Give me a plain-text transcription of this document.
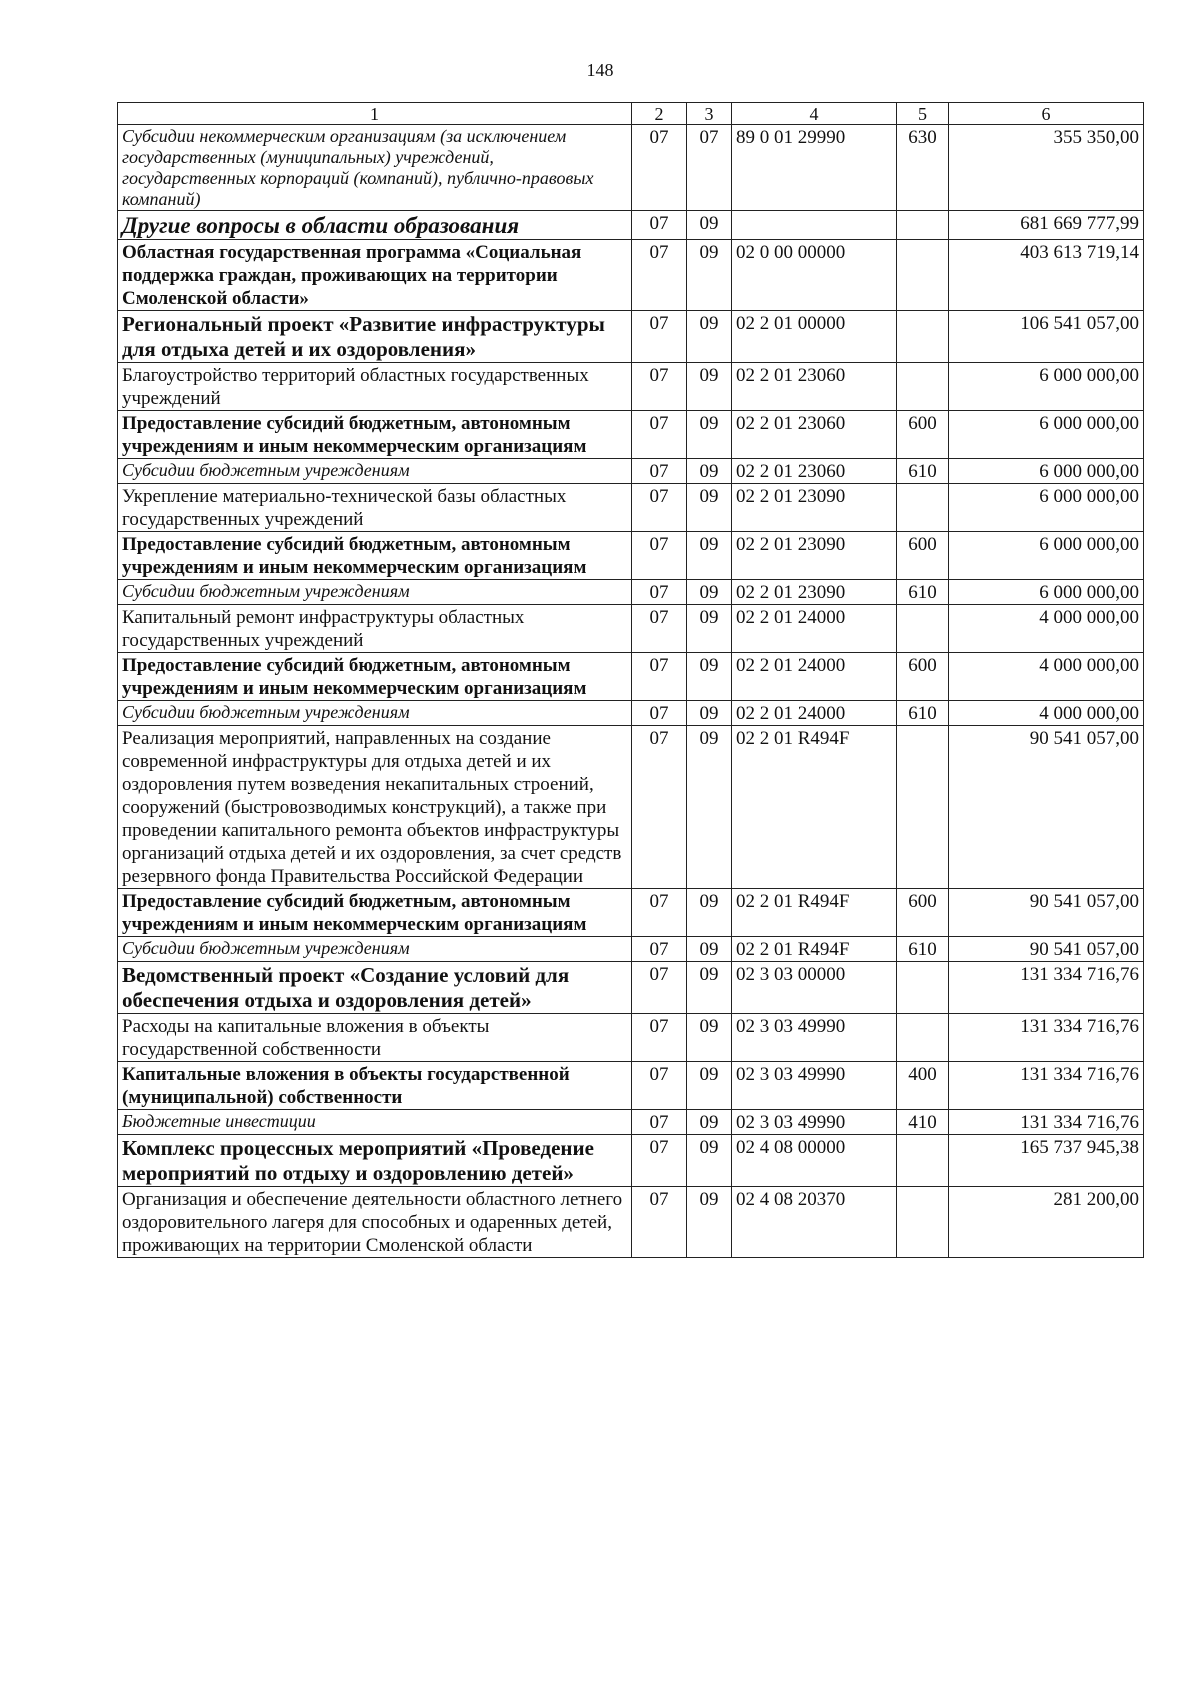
148
1	2	3	4	5	6
Субсидии некоммерческим организациям (за исключением государственных (муниципальных) учреждений, государственных корпораций (компаний), публично-правовых компаний)	07	07	89 0 01 29990	630	355 350,00
Другие вопросы в области образования	07	09			681 669 777,99
Областная государственная программа «Социальная поддержка граждан, проживающих на территории Смоленской области»	07	09	02 0 00 00000		403 613 719,14
Региональный проект «Развитие инфраструктуры для отдыха детей и их оздоровления»	07	09	02 2 01 00000		106 541 057,00
Благоустройство территорий областных государственных учреждений	07	09	02 2 01 23060		6 000 000,00
Предоставление субсидий бюджетным, автономным учреждениям и иным некоммерческим организациям	07	09	02 2 01 23060	600	6 000 000,00
Субсидии бюджетным учреждениям	07	09	02 2 01 23060	610	6 000 000,00
Укрепление материально-технической базы областных государственных учреждений	07	09	02 2 01 23090		6 000 000,00
Предоставление субсидий бюджетным, автономным учреждениям и иным некоммерческим организациям	07	09	02 2 01 23090	600	6 000 000,00
Субсидии бюджетным учреждениям	07	09	02 2 01 23090	610	6 000 000,00
Капитальный ремонт инфраструктуры областных государственных учреждений	07	09	02 2 01 24000		4 000 000,00
Предоставление субсидий бюджетным, автономным учреждениям и иным некоммерческим организациям	07	09	02 2 01 24000	600	4 000 000,00
Субсидии бюджетным учреждениям	07	09	02 2 01 24000	610	4 000 000,00
Реализация мероприятий, направленных на создание современной инфраструктуры для отдыха детей и их оздоровления путем возведения некапитальных строений, сооружений (быстровозводимых конструкций), а также при проведении капитального ремонта объектов инфраструктуры организаций отдыха детей и их оздоровления, за счет средств резервного фонда Правительства Российской Федерации	07	09	02 2 01 R494F		90 541 057,00
Предоставление субсидий бюджетным, автономным учреждениям и иным некоммерческим организациям	07	09	02 2 01 R494F	600	90 541 057,00
Субсидии бюджетным учреждениям	07	09	02 2 01 R494F	610	90 541 057,00
Ведомственный проект «Создание условий для обеспечения отдыха и оздоровления детей»	07	09	02 3 03 00000		131 334 716,76
Расходы на капитальные вложения в объекты государственной собственности	07	09	02 3 03 49990		131 334 716,76
Капитальные вложения в объекты государственной (муниципальной) собственности	07	09	02 3 03 49990	400	131 334 716,76
Бюджетные инвестиции	07	09	02 3 03 49990	410	131 334 716,76
Комплекс процессных мероприятий «Проведение мероприятий по отдыху и оздоровлению детей»	07	09	02 4 08 00000		165 737 945,38
Организация и обеспечение деятельности областного летнего оздоровительного лагеря для способных и одаренных детей, проживающих на территории Смоленской области	07	09	02 4 08 20370		281 200,00
